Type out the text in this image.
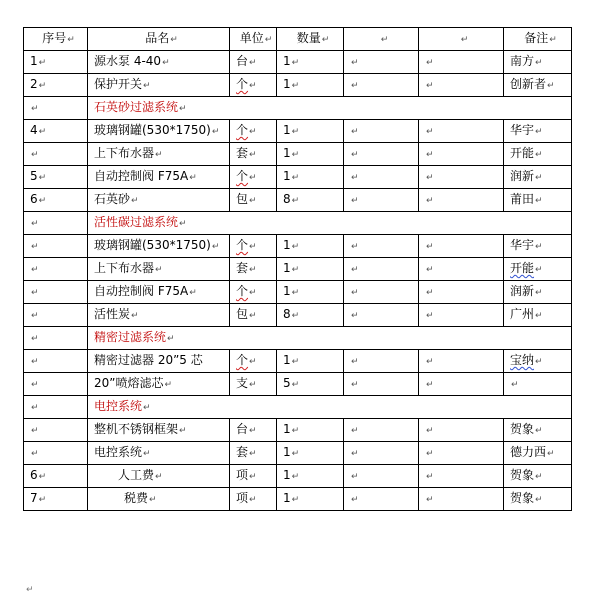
序号↵	品名↵	单位↵	数量↵	↵	↵	备注↵
1↵	源水泵 4-40↵	台↵	1↵	↵	↵	南方↵
2↵	保护开关↵	个↵	1↵	↵	↵	创新者↵
↵	石英砂过滤系统↵					
4↵	玻璃钢罐(530*1750)↵	个↵	1↵	↵	↵	华宇↵
↵	上下布水器↵	套↵	1↵	↵	↵	开能↵
5↵	自动控制阀 F75A↵	个↵	1↵	↵	↵	润新↵
6↵	石英砂↵	包↵	8↵	↵	↵	莆田↵
↵	活性碳过滤系统↵					
↵	玻璃钢罐(530*1750)↵	个↵	1↵	↵	↵	华宇↵
↵	上下布水器↵	套↵	1↵	↵	↵	开能↵
↵	自动控制阀 F75A↵	个↵	1↵	↵	↵	润新↵
↵	活性炭↵	包↵	8↵	↵	↵	广州↵
↵	精密过滤系统↵					
↵	精密过滤器 20”5 芯	个↵	1↵	↵	↵	宝纳↵
↵	20”喷熔滤芯↵	支↵	5↵	↵	↵	↵
↵	电控系统↵					
↵	整机不锈钢框架↵	台↵	1↵	↵	↵	贺象↵
↵	电控系统↵	套↵	1↵	↵	↵	德力西↵
6↵	人工费↵	项↵	1↵	↵	↵	贺象↵
7↵	税费↵	项↵	1↵	↵	↵	贺象↵
↵
